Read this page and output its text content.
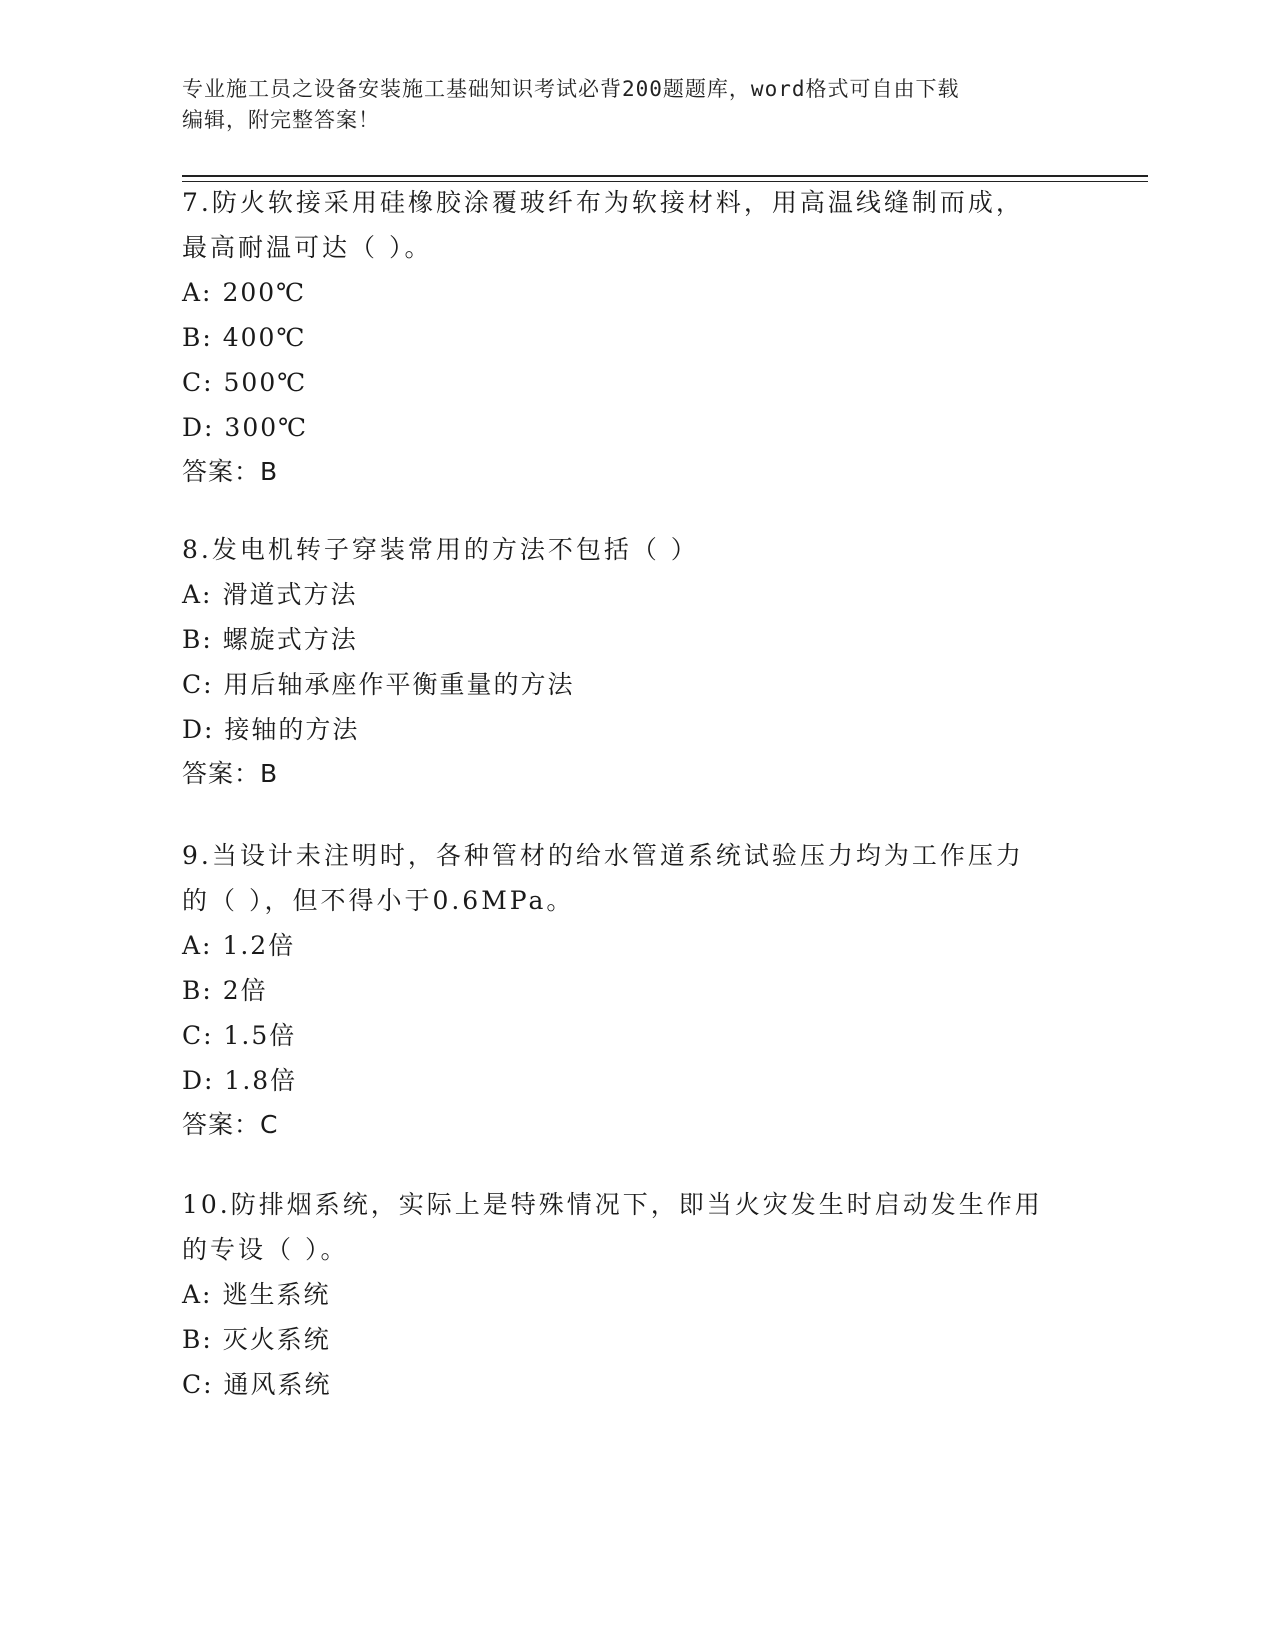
专业施工员之设备安装施工基础知识考试必背200题题库，word格式可自由下载
编辑，附完整答案！
7.防火软接采用硅橡胶涂覆玻纤布为软接材料，用高温线缝制而成，
最高耐温可达（ ）。
A: 200℃
B: 400℃
C: 500℃
D: 300℃
答案：B
8.发电机转子穿装常用的方法不包括（ ）
A: 滑道式方法
B: 螺旋式方法
C: 用后轴承座作平衡重量的方法
D: 接轴的方法
答案：B
9.当设计未注明时，各种管材的给水管道系统试验压力均为工作压力
的（ ），但不得小于0.6MPa。
A: 1.2倍
B: 2倍
C: 1.5倍
D: 1.8倍
答案：C
10.防排烟系统，实际上是特殊情况下，即当火灾发生时启动发生作用
的专设（ ）。
A: 逃生系统
B: 灭火系统
C: 通风系统
